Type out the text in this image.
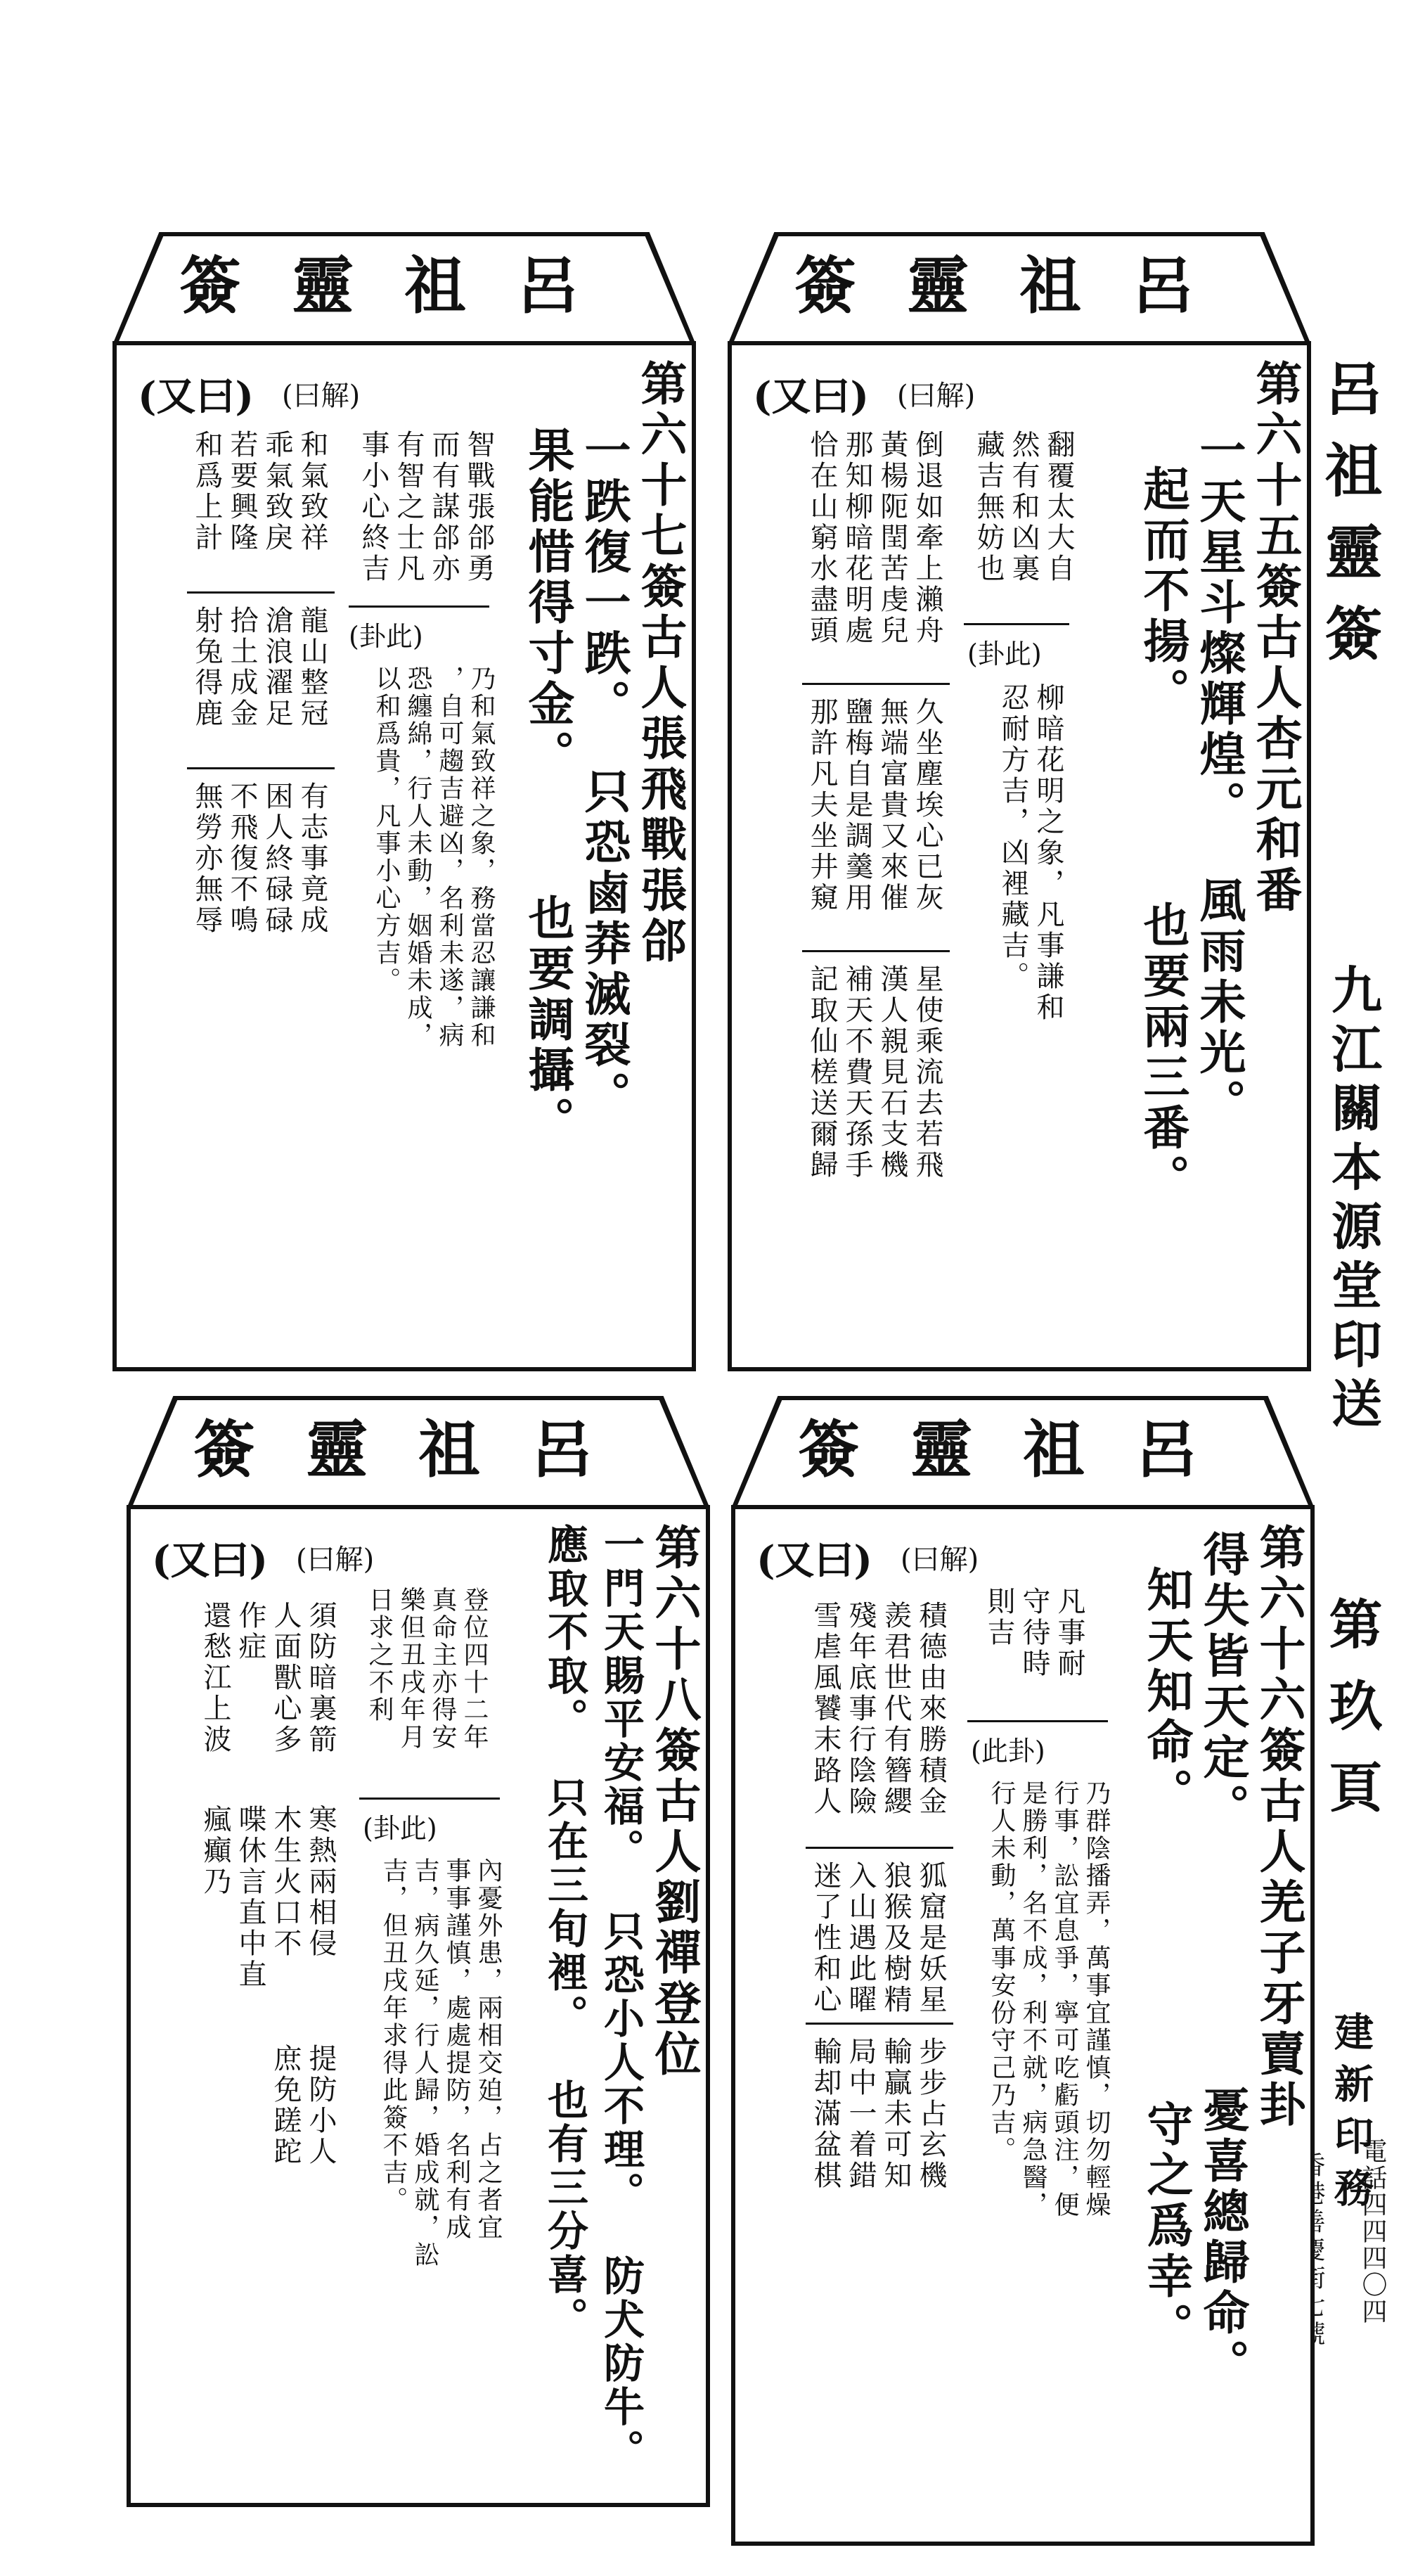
呂祖靈簽
九江關本源堂印送
第玖頁
建新印務
電話四四四〇四
呂祖靈簽
第六十五簽古人杏元和番
一天星斗燦輝煌。
風雨未光。
起而不揚。
也要兩三番。
(又曰) (曰解)
翻覆太大自
然有和凶裏
藏吉無妨也
(卦此)
柳暗花明之象，凡事謙和
忍耐方吉，凶裡藏吉。
倒退如牽上瀨舟
黃楊阨閏苦虔兒
那知柳暗花明處
恰在山窮水盡頭
久坐塵埃心已灰
無端富貴又來催
鹽梅自是調羹用
那許凡夫坐井窺
星使乘流去若飛
漢人親見石支機
補天不費天孫手
記取仙槎送爾歸
呂祖靈簽
第六十七簽古人張飛戰張郃
一跌復一跌。
只恐鹵莽滅裂。
果能惜得寸金。
也要調攝。
(又曰) (曰解)
智戰張郃勇
而有謀郃亦
有智之士凡
事小心終吉
(卦此)
乃和氣致祥之象，務當忍讓謙和
，自可趨吉避凶，名利未遂，病
恐纏綿，行人未動，姻婚未成，
以和爲貴，凡事小心方吉。
和氣致祥
乖氣致戾
若要興隆
和爲上計
龍山整冠
滄浪濯足
拾土成金
射兔得鹿
有志事竟成
困人終碌碌
不飛復不鳴
無勞亦無辱
呂祖靈簽
第六十六簽古人羌子牙賣卦
得失皆天定。
憂喜總歸命。
知天知命。
守之爲幸。
(又曰) (曰解)
凡事耐
守待時
則吉
(此卦)
乃群陰播弄，萬事宜謹慎，切勿輕燥
行事，訟宜息爭，寧可吃虧頭注，便
是勝利，名不成，利不就，病急醫，
行人未動，萬事安份守己乃吉。
積德由來勝積金
羨君世代有簪纓
殘年底事行陰險
雪虐風饕末路人
狐窟是妖星
狼猴及樹精
入山遇此曜
迷了性和心
步步占玄機
輸贏未可知
局中一着錯
輸却滿盆棋
呂祖靈簽
第六十八簽古人劉禪登位
一門天賜平安福。
只恐小人不理。
防犬防牛。
應取不取。
只在三旬裡。
也有三分喜。
(又曰) (曰解)
登位四十二年
真命主亦得安
樂但丑戌年月
日求之不利
(卦此)
內憂外患，兩相交廹，占之者宜
事事謹慎，處處提防，名利有成
吉，病久延，行人歸，婚成就，訟
吉，但丑戌年求得此簽不吉。
須防暗裏箭
人面獸心多
作症
還愁江上波
寒熱兩相侵
木生火口不
喋休言直中直
瘋癲乃
提防小人
庶免蹉跎
